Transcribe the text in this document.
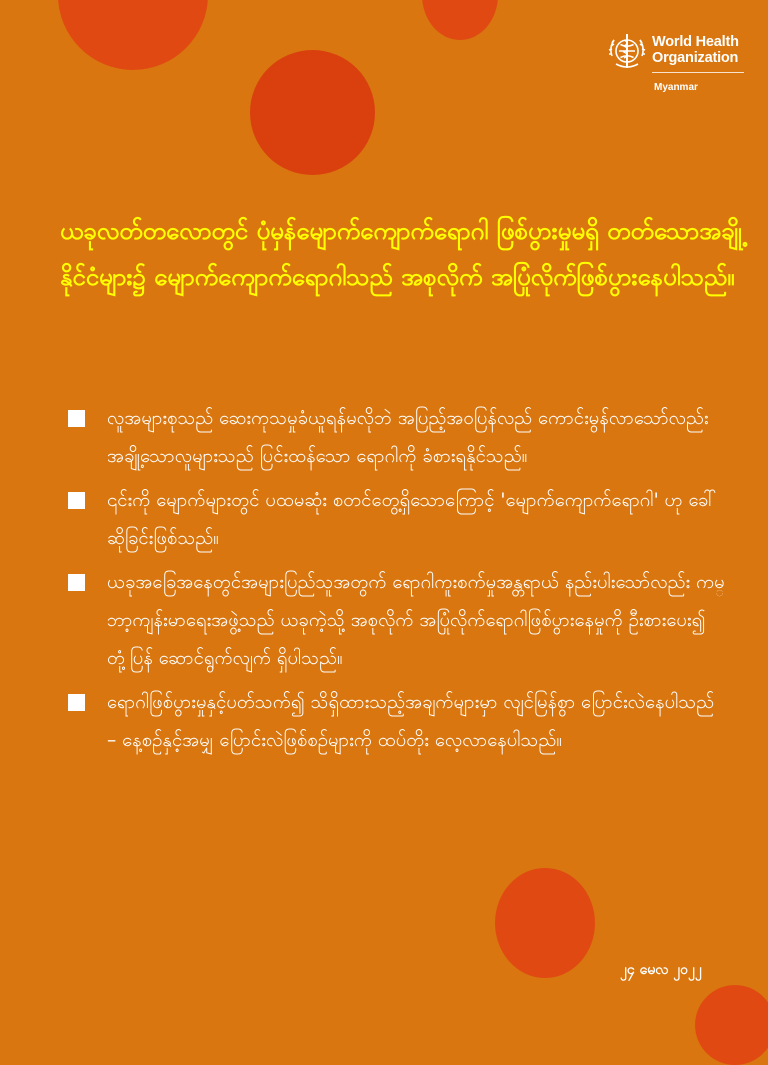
World Health Organization
Myanmar

ယခုလတ်တလောတွင် ပုံမှန်မျောက်ကျောက်ရောဂါ ဖြစ်ပွားမှုမရှိ တတ်သောအချို့နိုင်ငံများ၌ မျောက်ကျောက်ရောဂါသည် အစုလိုက် အပြုံလိုက်ဖြစ်ပွားနေပါသည်။

လူအများစုသည် ဆေးကုသမှုခံယူရန်မလိုဘဲ အပြည့်အဝပြန်လည် ကောင်းမွန်လာသော်လည်း အချို့သောလူများသည် ပြင်းထန်သော ရောဂါကို ခံစားရနိုင်သည်။
၎င်းကို မျောက်များတွင် ပထမဆုံး စတင်တွေ့ရှိသောကြောင့် 'မျောက်ကျောက်ရောဂါ' ဟု ခေါ်ဆိုခြင်းဖြစ်သည်။
ယခုအခြေအနေတွင်အများပြည်သူအတွက် ရောဂါကူးစက်မှုအန္တရာယ် နည်းပါးသော်လည်း ကမ္ဘာ့ကျန်းမာရေးအဖွဲ့သည် ယခုကဲ့သို့ အစုလိုက် အပြုံလိုက်ရောဂါဖြစ်ပွားနေမှုကို ဦးစားပေး၍ တုံ့ပြန် ဆောင်ရွက်လျက် ရှိပါသည်။
ရောဂါဖြစ်ပွားမှုနှင့်ပတ်သက်၍ သိရှိထားသည့်အချက်များမှာ လျင်မြန်စွာ ပြောင်းလဲနေပါသည် – နေ့စဉ်နှင့်အမျှ ပြောင်းလဲဖြစ်စဉ်များကို ထပ်တိုး လေ့လာနေပါသည်။
၂၄ မေလ ၂၀၂၂
